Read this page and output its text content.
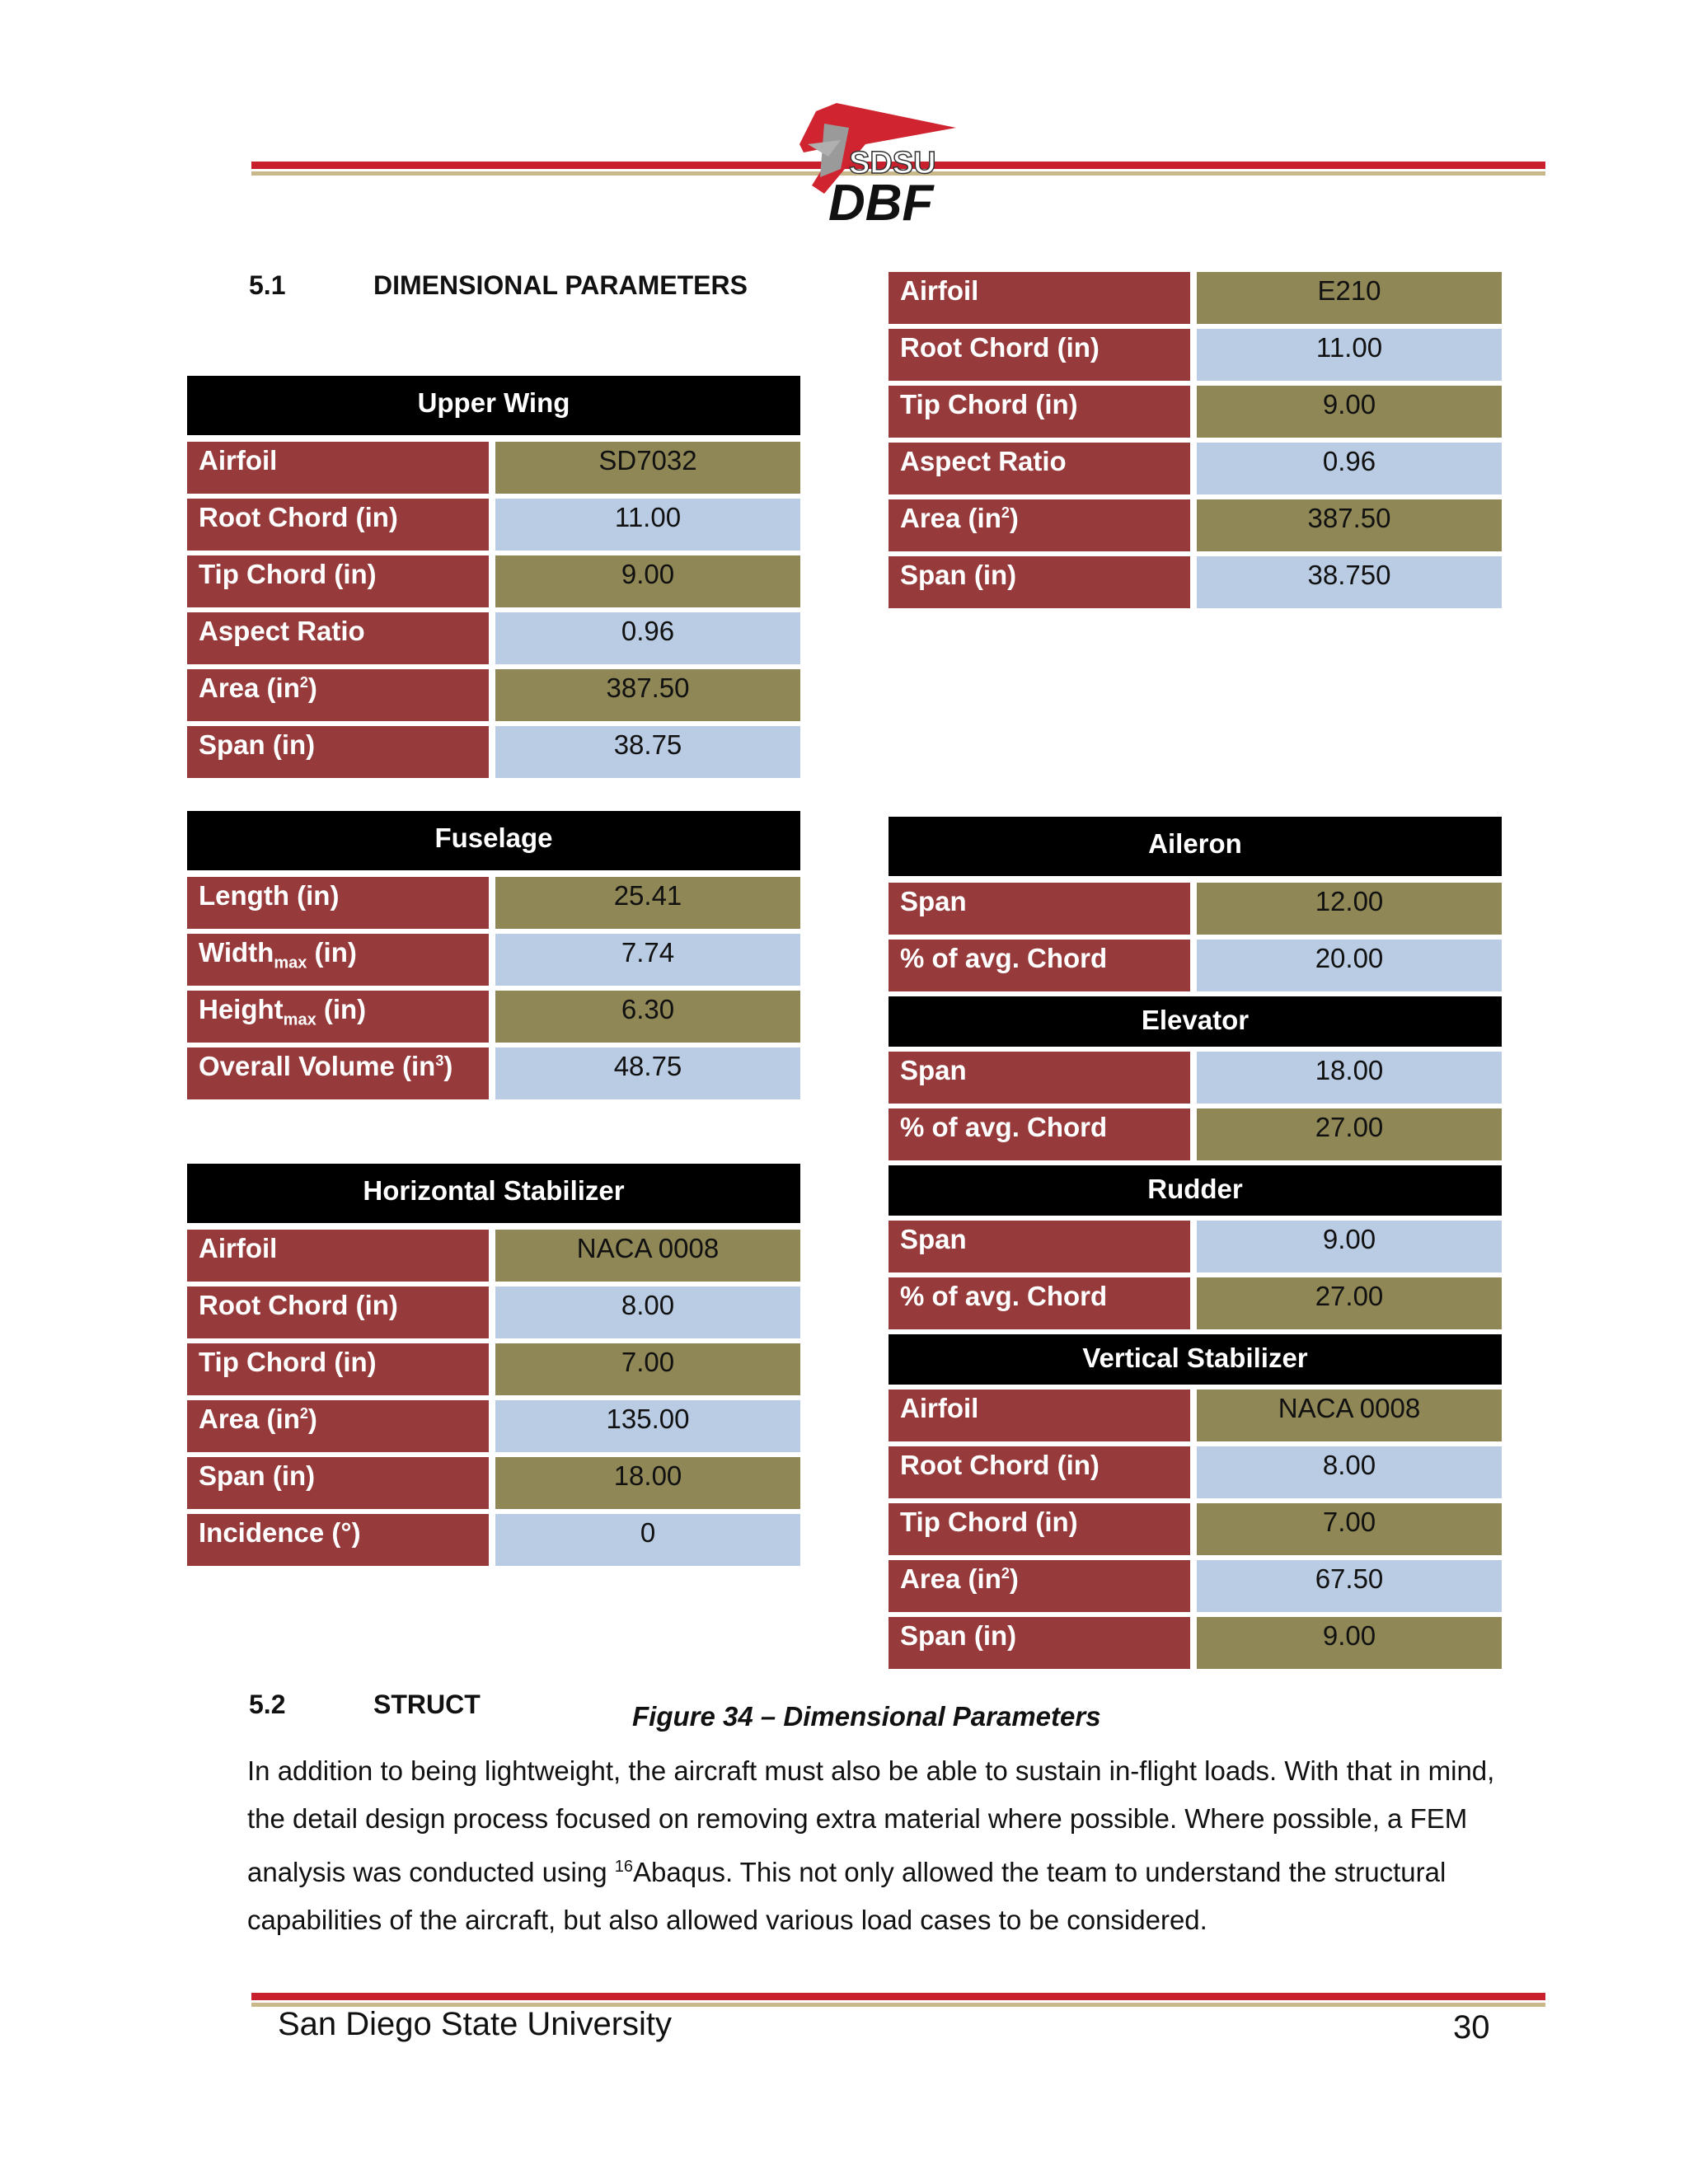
SDSU
DBF
5.1	DIMENSIONAL PARAMETERS
Upper Wing
Airfoil	SD7032
Root Chord (in)	11.00
Tip Chord (in)	9.00
Aspect Ratio	0.96
Area $(in^2)$	387.50
Span (in)	38.75
Airfoil	E210
Root Chord (in)	11.00
Tip Chord (in)	9.00
Aspect Ratio	0.96
Area $(in^2)$	387.50
Span (in)	38.750
Fuselage
Length (in)	25.41
Width$_{max}$ (in)	7.74
Height$_{max}$ (in)	6.30
Overall Volume $(in^3)$	48.75
Horizontal Stabilizer
Airfoil	NACA 0008
Root Chord (in)	8.00
Tip Chord (in)	7.00
Area $(in^2)$	135.00
Span (in)	18.00
Incidence (°)	0
Aileron
Span	12.00
% of avg. Chord	20.00
Elevator
Span	18.00
% of avg. Chord	27.00
Rudder
Span	9.00
% of avg. Chord	27.00
Vertical Stabilizer
Airfoil	NACA 0008
Root Chord (in)	8.00
Tip Chord (in)	7.00
Area $(in^2)$	67.50
Span (in)	9.00
5.2	STRUCT	Figure 34 – Dimensional Parameters
In addition to being lightweight, the aircraft must also be able to sustain in-flight loads. With that in mind, the detail design process focused on removing extra material where possible. Where possible, a FEM analysis was conducted using $^{16}$Abaqus. This not only allowed the team to understand the structural capabilities of the aircraft, but also allowed various load cases to be considered.
San Diego State University	30
